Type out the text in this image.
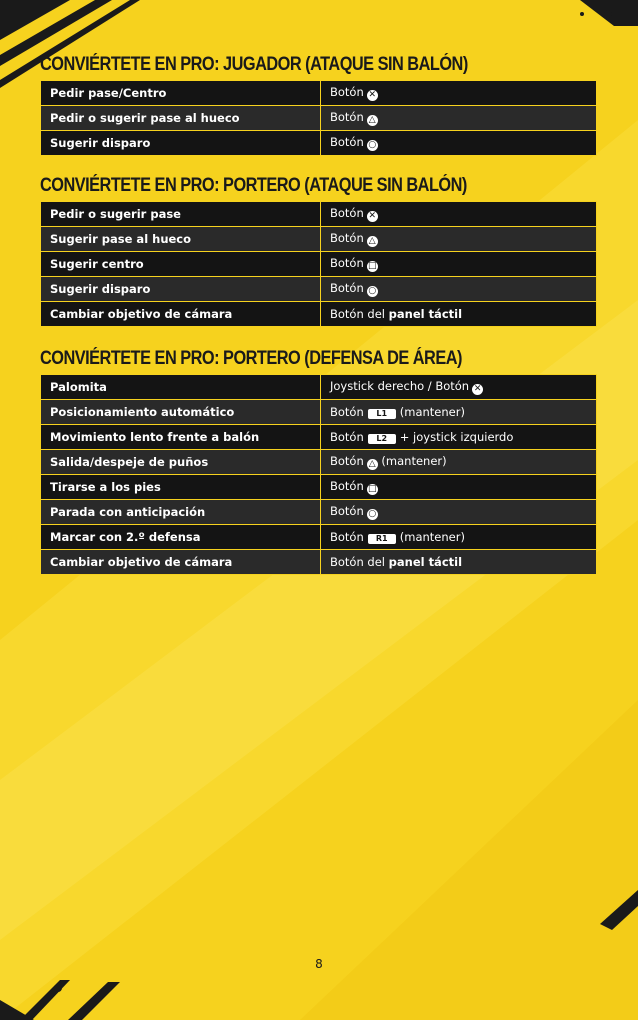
CONVIÉRTETE EN PRO: JUGADOR (ATAQUE SIN BALÓN)
Pedir pase/Centro	Botón ✕
Pedir o sugerir pase al hueco	Botón △
Sugerir disparo	Botón ○
CONVIÉRTETE EN PRO: PORTERO (ATAQUE SIN BALÓN)
Pedir o sugerir pase	Botón ✕
Sugerir pase al hueco	Botón △
Sugerir centro	Botón □
Sugerir disparo	Botón ○
Cambiar objetivo de cámara	Botón del panel táctil
CONVIÉRTETE EN PRO: PORTERO (DEFENSA DE ÁREA)
Palomita	Joystick derecho / Botón ✕
Posicionamiento automático	Botón L1 (mantener)
Movimiento lento frente a balón	Botón L2 + joystick izquierdo
Salida/despeje de puños	Botón △ (mantener)
Tirarse a los pies	Botón □
Parada con anticipación	Botón ○
Marcar con 2.º defensa	Botón R1 (mantener)
Cambiar objetivo de cámara	Botón del panel táctil
8
